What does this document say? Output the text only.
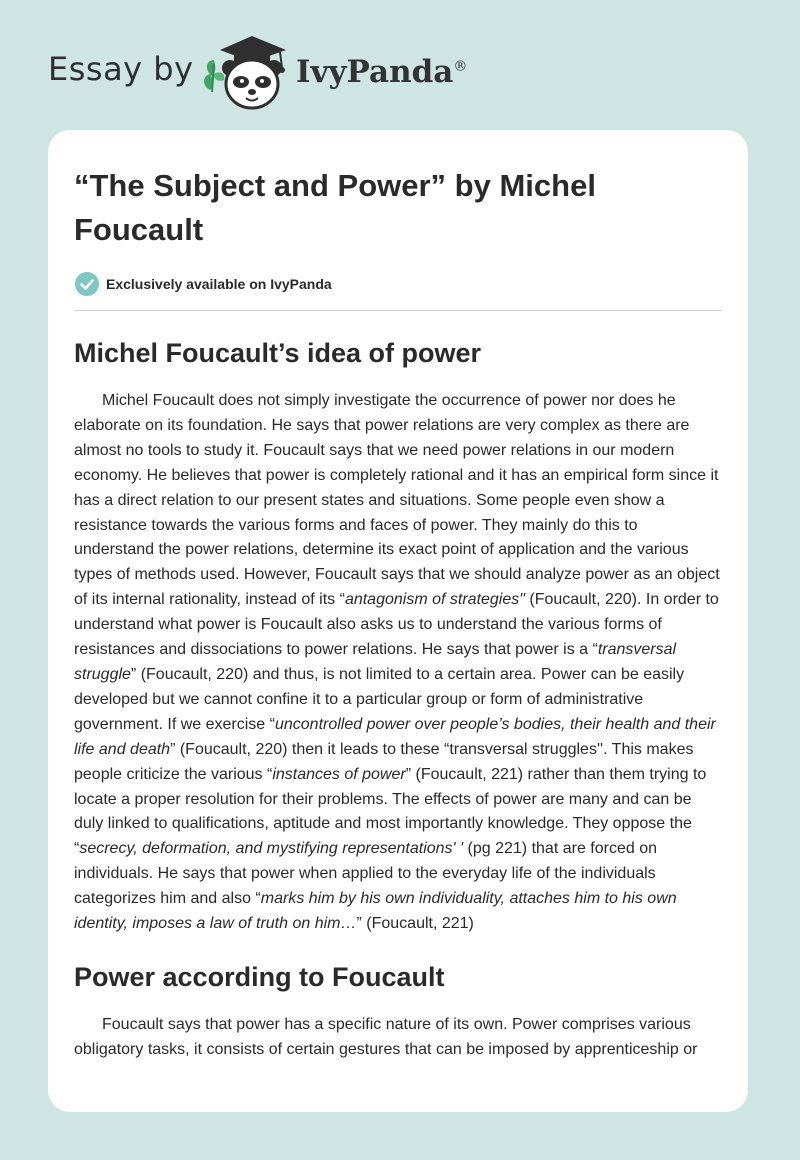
Essay by	IvyPanda®
“The Subject and Power” by Michel Foucault
Exclusively available on IvyPanda
Michel Foucault’s idea of power

Michel Foucault does not simply investigate the occurrence of power nor does he elaborate on its foundation. He says that power relations are very complex as there are almost no tools to study it. Foucault says that we need power relations in our modern economy. He believes that power is completely rational and it has an empirical form since it has a direct relation to our present states and situations. Some people even show a resistance towards the various forms and faces of power. They mainly do this to understand the power relations, determine its exact point of application and the various types of methods used. However, Foucault says that we should analyze power as an object of its internal rationality, instead of its “antagonism of strategies" (Foucault, 220). In order to understand what power is Foucault also asks us to understand the various forms of resistances and dissociations to power relations. He says that power is a “transversal struggle” (Foucault, 220) and thus, is not limited to a certain area. Power can be easily developed but we cannot confine it to a particular group or form of administrative government. If we exercise “uncontrolled power over people’s bodies, their health and their life and death” (Foucault, 220) then it leads to these “transversal struggles''. This makes people criticize the various “instances of power” (Foucault, 221) rather than them trying to locate a proper resolution for their problems. The effects of power are many and can be duly linked to qualifications, aptitude and most importantly knowledge. They oppose the “secrecy, deformation, and mystifying representations' ' (pg 221) that are forced on individuals. He says that power when applied to the everyday life of the individuals categorizes him and also “marks him by his own individuality, attaches him to his own identity, imposes a law of truth on him…” (Foucault, 221)

Power according to Foucault

Foucault says that power has a specific nature of its own. Power comprises various obligatory tasks, it consists of certain gestures that can be imposed by apprenticeship or
